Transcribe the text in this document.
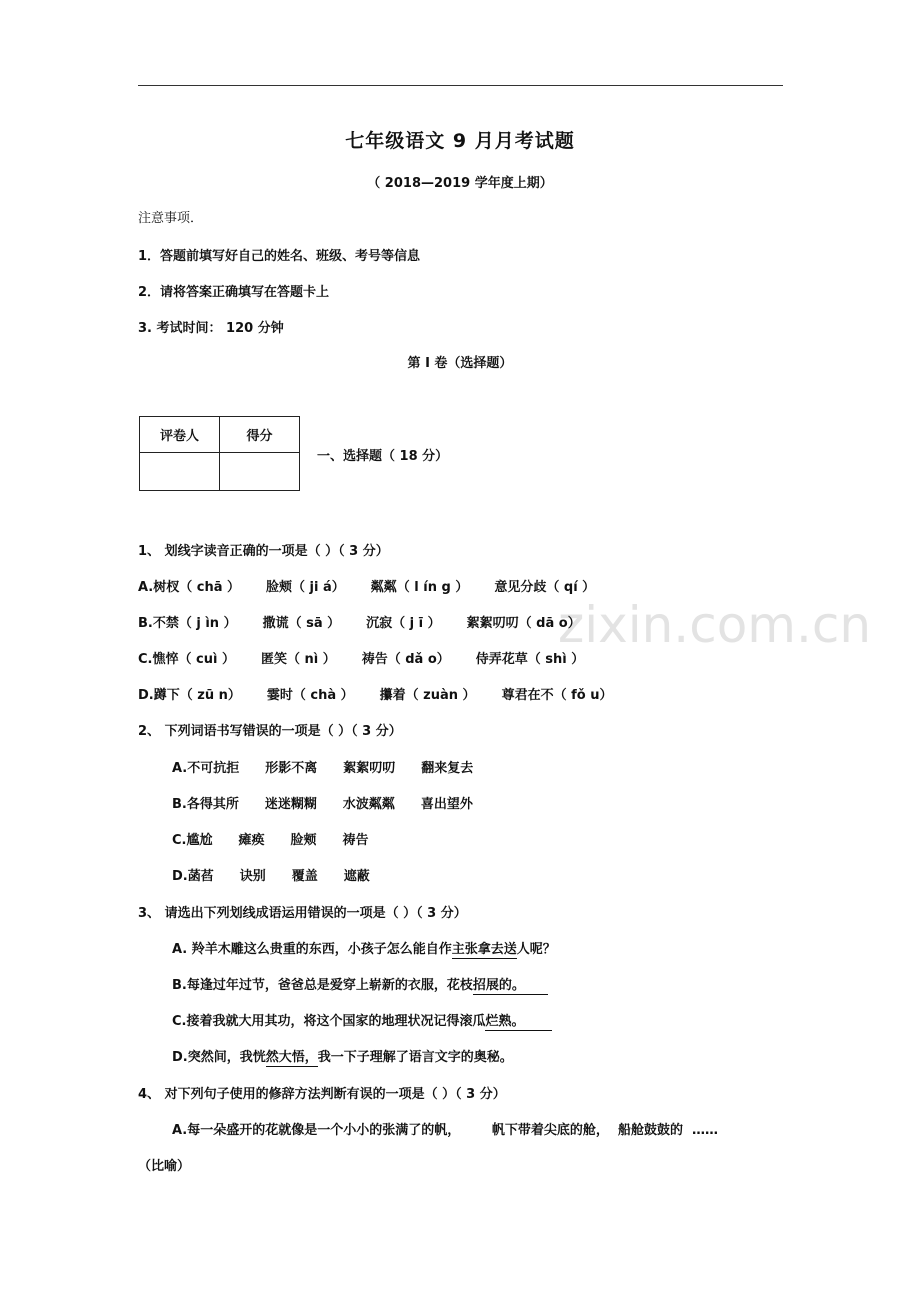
zixin.com.cn
七年级语文 9 月月考试题
（ 2018—2019 学年度上期）
注意事项．
1．答题前填写好自己的姓名、班级、考号等信息
2．请将答案正确填写在答题卡上
3. 考试时间： 120 分钟
第 I 卷（选择题）
评卷人	得分

一、选择题（ 18 分）
1、 划线字读音正确的一项是（ ）（ 3 分）
A.树杈（ chā ） 脸颊（ ji á） 粼粼（ l ín g ） 意见分歧（ qí ）
B.不禁（ j ìn ） 撒谎（ sā ） 沉寂（ j ī ） 絮絮叨叨（ dā o）
C.憔悴（ cuì ） 匿笑（ nì ） 祷告（ dǎ o） 侍弄花草（ shì ）
D.蹲下（ zū n） 霎时（ chà ） 攥着（ zuàn ） 尊君在不（ fǒ u）
2、 下列词语书写错误的一项是（ ）（ 3 分）
A.不可抗拒 形影不离 絮絮叨叨 翻来复去
B.各得其所 迷迷糊糊 水波粼粼 喜出望外
C.尴尬 瘫痪 脸颊 祷告
D.菡萏 诀别 覆盖 遮蔽
3、 请选出下列划线成语运用错误的一项是（ ）（ 3 分）
A. 羚羊木雕这么贵重的东西，小孩子怎么能自作主张拿去送人呢？
B.每逢过年过节，爸爸总是爱穿上崭新的衣服，花枝招展的。
C.接着我就大用其功，将这个国家的地理状况记得滚瓜烂熟。
D.突然间，我恍然大悟，我一下子理解了语言文字的奥秘。
4、 对下列句子使用的修辞方法判断有误的一项是（ ）（ 3 分）
A.每一朵盛开的花就像是一个小小的张满了的帆，       帆下带着尖底的舱，  船舱鼓鼓的  ……
（比喻）
